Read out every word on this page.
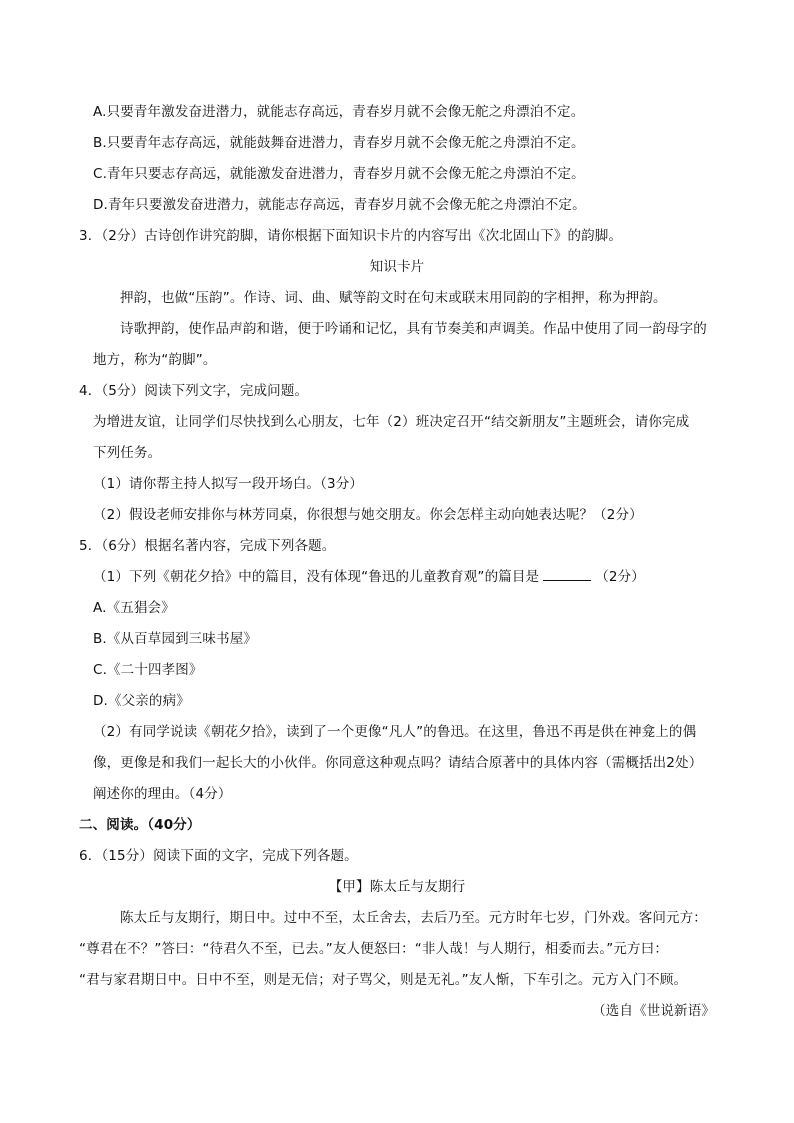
A.只要青年激发奋进潜力，就能志存高远，青春岁月就不会像无舵之舟漂泊不定。
B.只要青年志存高远，就能鼓舞奋进潜力，青春岁月就不会像无舵之舟漂泊不定。
C.青年只要志存高远，就能激发奋进潜力，青春岁月就不会像无舵之舟漂泊不定。
D.青年只要激发奋进潜力，就能志存高远，青春岁月就不会像无舵之舟漂泊不定。
3．（2分）古诗创作讲究韵脚，请你根据下面知识卡片的内容写出《次北固山下》的韵脚。
知识卡片
押韵，也做“压韵”。作诗、词、曲、赋等韵文时在句末或联末用同韵的字相押，称为押韵。
诗歌押韵，使作品声韵和谐，便于吟诵和记忆，具有节奏美和声调美。作品中使用了同一韵母字的
地方，称为“韵脚”。
4．（5分）阅读下列文字，完成问题。
为增进友谊，让同学们尽快找到么心朋友，七年（2）班决定召开“结交新朋友”主题班会，请你完成
下列任务。
（1）请你帮主持人拟写一段开场白。（3分）
（2）假设老师安排你与林芳同桌，你很想与她交朋友。你会怎样主动向她表达呢？（2分）
5．（6分）根据名著内容，完成下列各题。
（1）下列《朝花夕拾》中的篇目，没有体现“鲁迅的儿童教育观”的篇目是	（2分）
A.《五猖会》
B.《从百草园到三味书屋》
C.《二十四孝图》
D.《父亲的病》
（2）有同学说读《朝花夕拾》，读到了一个更像“凡人”的鲁迅。在这里，鲁迅不再是供在神龛上的偶
像，更像是和我们一起长大的小伙伴。你同意这种观点吗？请结合原著中的具体内容（需概括出2处）
阐述你的理由。（4分）
二、阅读。（40分）
6．（15分）阅读下面的文字，完成下列各题。
【甲】陈太丘与友期行
陈太丘与友期行，期日中。过中不至，太丘舍去，去后乃至。元方时年七岁，门外戏。客问元方：
“尊君在不？”答曰：“待君久不至，已去。”友人便怒曰：“非人哉！与人期行，相委而去。”元方曰：
“君与家君期日中。日中不至，则是无信；对子骂父，则是无礼。”友人惭，下车引之。元方入门不顾。
（选自《世说新语》
